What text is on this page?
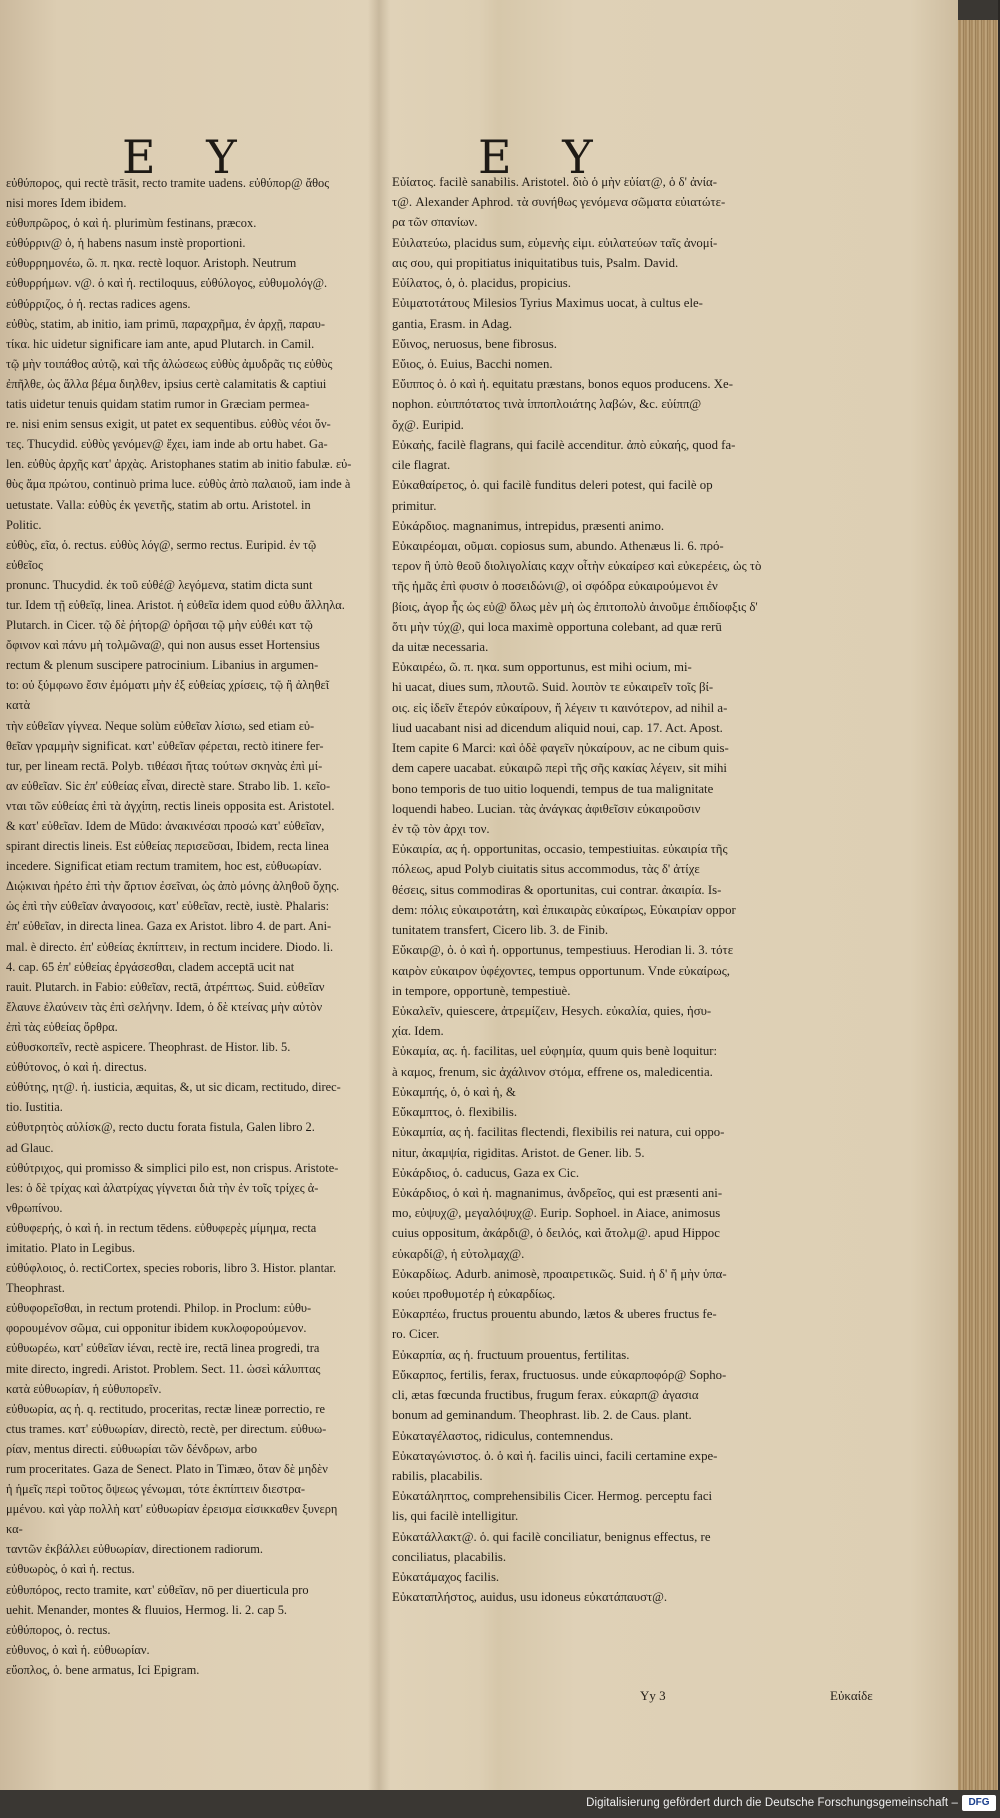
E Y	E Y
εὐθύπορος, qui rectè trāsit, recto tramite uadens. εὐθύπορ@ ἄθος
nisi mores Idem ibidem.
εὐθυπρῶρος, ὁ καὶ ἡ. plurimùm festinans, præcox.
εὐθύρριν@ ὁ, ἡ habens nasum instè proportioni.
εὐθυρρημονέω, ῶ. π. ηκα. rectè loquor. Aristoph. Neutrum
εὐθυρρήμων. ν@. ὁ καὶ ἡ. rectiloquus, εὐθύλογος, εὐθυμολόγ@.
εὐθύρριζος, ὁ ἡ. rectas radices agens.
εὐθὺς, statim, ab initio, iam primū, παραχρῆμα, ἐν ἀρχῇ, παραυ-
τίκα. hic uidetur significare iam ante, apud Plutarch. in Camil.
τῷ μὴν τοιπάθος αὐτῷ, καὶ τῆς ἁλώσεως εὐθὺς ἀμυδρᾶς τις εὐθὺς
ἐπῆλθε, ὡς ἄλλα βέμα διηλθεν, ipsius certè calamitatis & captiui
tatis uidetur tenuis quidam statim rumor in Græciam permea-
re. nisi enim sensus exigit, ut patet ex sequentibus. εὐθὺς νέοι ὄν-
τες. Thucydid. εὐθὺς γενόμεν@ ἔχει, iam inde ab ortu habet. Ga-
len. εὐθὺς ἀρχῆς κατ' ἀρχὰς. Aristophanes statim ab initio fabulæ. εὐ-
θὺς ἅμα πρώτου, continuò prima luce. εὐθὺς ἀπὸ παλαιοῦ, iam inde à
uetustate. Valla: εὐθὺς ἐκ γενετῆς, statim ab ortu. Aristotel. in
Politic.
εὐθὺς, εῖα, ὁ. rectus. εὐθὺς λόγ@, sermo rectus. Euripid. ἐν τῷ εὐθεῖος
pronunc. Thucydid. ἐκ τοῦ εὐθέ@ λεγόμενα, statim dicta sunt
tur. Idem τῇ εὐθεῖᾳ, linea. Aristot. ἡ εὐθεῖα idem quod εὐθυ ἄλληλα.
Plutarch. in Cicer. τῷ δὲ ῥήτορ@ ὀρῆσαι τῷ μὴν εὐθέι κατ τῷ
ὄφινον καὶ πάνυ μὴ τολμῶνα@, qui non ausus esset Hortensius
rectum & plenum suscipere patrocinium. Libanius in argumen-
to: οὐ ξύμφωνο ἔσιν ἐμόματι μὴν ἐξ εὐθείας χρίσεις, τῷ ἢ ἀληθεῖ κατὰ
τὴν εὐθεῖαν γίγνεα. Neque solùm εὐθεῖαν λίσιω, sed etiam εὐ-
θεῖαν γραμμὴν significat. κατ' εὐθεῖαν φέρεται, rectò itinere fer-
tur, per lineam rectā. Polyb. τιθέασι ἤτας τούτων σκηνὰς ἐπὶ μί-
αν εὐθεῖαν. Sic ἐπ' εὐθείας εἶναι, directè stare. Strabo lib. 1. κεῖο-
νται τῶν εὐθείας ἐπὶ τὰ ἀγχίπη, rectis lineis opposita est. Aristotel.
& κατ' εὐθεῖαν. Idem de Mūdo: ἀνακινέσαι προσώ κατ' εὐθεῖαν,
spirant directis lineis. Est εὐθείας περισεῦσαι, Ibidem, recta linea
incedere. Significat etiam rectum tramitem, hoc est, εὐθυωρίαν.
Διῴκιναι ἠρέτο ἐπὶ τὴν ἄρτιον ἐσεῖναι, ὡς ἀπὸ μόνης ἀληθοῦ ὄχης.
ὡς ἐπὶ τὴν εὐθεῖαν ἀναγοσοις, κατ' εὐθεῖαν, rectè, iustè. Phalaris:
ἐπ' εὐθεῖαν, in directa linea. Gaza ex Aristot. libro 4. de part. Ani-
mal. è directo. ἐπ' εὐθείας ἐκπίπτειν, in rectum incidere. Diodo. li.
4. cap. 65 ἐπ' εὐθείας ἐργάσεσθαι, cladem acceptā ucit nat
rauit. Plutarch. in Fabio: εὐθεῖαν, rectā, ἀτρέπτως. Suid. εὐθεῖαν
ἔλαυνε ἐλαύνειν τὰς ἐπὶ σελήνην. Idem, ὁ δὲ κτείνας μὴν αὐτὸν
ἐπὶ τὰς εὐθείας ὄρθρα.
εὐθυσκοπεῖν, rectè aspicere. Theophrast. de Histor. lib. 5.
εὐθύτονος, ὁ καὶ ἡ. directus.
εὐθύτης, ητ@. ἡ. iusticia, æquitas, &, ut sic dicam, rectitudo, direc-
tio. Iustitia.
εὐθυτρητὸς αὐλίσκ@, recto ductu forata fistula, Galen libro 2.
ad Glauc.
εὐθύτριχος, qui promisso & simplici pilo est, non crispus. Aristote-
les: ὁ δὲ τρίχας καὶ ἀλατρίχας γίγνεται διὰ τὴν ἐν τοῖς τρίχες ἀ-
νθρωπίνου.
εὐθυφερής, ὁ καὶ ἡ. in rectum tēdens. εὐθυφερὲς μίμημα, recta
imitatio. Plato in Legibus.
εὐθύφλοιος, ὁ. rectiCortex, species roboris, libro 3. Histor. plantar.
Theophrast.
εὐθυφορεῖσθαι, in rectum protendi. Philop. in Proclum: εὐθυ-
φορουμένον σῶμα, cui opponitur ibidem κυκλοφορούμενον.
εὐθυωρέω, κατ' εὐθεῖαν ἰέναι, rectè ire, rectā linea progredi, tra
mite directo, ingredi. Aristot. Problem. Sect. 11. ὡσεὶ κάλυπτας
κατὰ εὐθυωρίαν, ἡ εὐθυπορεῖν.
εὐθυωρία, ας ἡ. q. rectitudo, proceritas, rectæ lineæ porrectio, re
ctus trames. κατ' εὐθυωρίαν, directò, rectè, per directum. εὐθυω-
ρίαν, mentus directi. εὐθυωρίαι τῶν δένδρων, arbo
rum proceritates. Gaza de Senect. Plato in Timæo, ὅταν δὲ μηδὲν
ἡ ἡμεῖς περὶ τοῦτος ὄψεως γένωμαι, τότε ἐκπίπτειν διεστρα-
μμένου. καὶ γὰρ πολλὴ κατ' εὐθυωρίαν ἐρεισμα εἰσικκαθεν ξυνερη κα-
ταντῶν ἐκβάλλει εὐθυωρίαν, directionem radiorum.
εὐθυωρὸς, ὁ καὶ ἡ. rectus.
εὐθυπόρος, recto tramite, κατ' εὐθεῖαν, nō per diuerticula pro
uehit. Menander, montes & fluuios, Hermog. li. 2. cap 5.
εὐθύπορος, ὁ. rectus.
εὐθυνος, ὁ καὶ ἡ. εὐθυωρίαν.
εὔοπλος, ὁ. bene armatus, Ici Epigram.
Εὐίατος. facilè sanabilis. Aristotel. διὸ ὁ μὴν εὐίατ@, ὁ δ' ἀνία-
τ@. Alexander Aphrod. τὰ συνήθως γενόμενα σῶματα εὐιατώτε-
ρα τῶν σπανίων.
Εὐιλατεύω, placidus sum, εὐμενὴς εἰμι. εὐιλατεύων ταῖς ἀνομί-
αις σου, qui propitiatus iniquitatibus tuis, Psalm. David.
Εὐίλατος, ὁ, ὁ. placidus, propicius.
Εὐιματοτάτους Milesios Tyrius Maximus uocat, à cultus ele-
gantia, Erasm. in Adag.
Εὔινος, neruosus, bene fibrosus.
Εὔιος, ὁ. Euius, Bacchi nomen.
Εὔιππος ὁ. ὁ καὶ ἡ. equitatu præstans, bonos equos producens. Xe-
nophon. εὐιππότατος τινὰ ἱπποπλοιάτης λαβών, &c. εὐίππ@
ὄχ@. Euripid.
Εὐκαὴς, facilè flagrans, qui facilè accenditur. ἀπὸ εὐκαής, quod fa-
cile flagrat.
Εὐκαθαίρετος, ὁ. qui facilè funditus deleri potest, qui facilè op
primitur.
Εὐκάρδιος. magnanimus, intrepidus, præsenti animo.
Εὐκαιρέομαι, οῦμαι. copiosus sum, abundo. Athenæus li. 6. πρό-
τερον ἢ ὑπὸ θεοῦ διολιγολίαις καχν οἷτὴν εὐκαίρεσ καὶ εὐκερέεις, ὡς τὸ
τῆς ἡμᾶς ἐπὶ φυσιν ὁ ποσειδώνι@, οἱ σφόδρα εὐκαιρούμενοι ἐν
βίοις, ἀγορ ἦς ὡς εὐ@ ὅλως μὲν μὴ ὡς ἐπιτοπολὺ ἀινοῦμε ἐπιδίοφξις δ'
ὅτι μὴν τύχ@, qui loca maximè opportuna colebant, ad quæ rerū
da uitæ necessaria.
Εὐκαιρέω, ῶ. π. ηκα. sum opportunus, est mihi ocium, mi-
hi uacat, diues sum, πλουτῶ. Suid. λοιπὸν τε εὐκαιρεῖν τοῖς βί-
οις. εἰς ἰδεῖν ἕτερόν εὐκαίρουν, ἤ λέγειν τι καινότερον, ad nihil a-
liud uacabant nisi ad dicendum aliquid noui, cap. 17. Act. Apost.
Item capite 6 Marci: καὶ ὁδὲ φαγεῖν ηὐκαίρουν, ac ne cibum quis-
dem capere uacabat. εὐκαιρῶ περὶ τῆς σῆς κακίας λέγειν, sit mihi
bono temporis de tuo uitio loquendi, tempus de tua malignitate
loquendi habeo. Lucian. τὰς ἀνάγκας ἀφιθεῖσιν εὐκαιροῦσιν
ἐν τῷ τὸν ἀρχι τον.
Εὐκαιρία, ας ἡ. opportunitas, occasio, tempestiuitas. εὐκαιρία τῆς
πόλεως, apud Polyb ciuitatis situs accommodus, τὰς δ' ἀτίχε
θέσεις, situs commodiras & oportunitas, cui contrar. ἀκαιρία. Is-
dem: πόλις εὐκαιροτάτη, καὶ ἐπικαιρὰς εὐκαίρως, Εὐκαιρίαν oppor
tunitatem transfert, Cicero lib. 3. de Finib.
Εὔκαιρ@, ὁ. ὁ καὶ ἡ. opportunus, tempestiuus. Herodian li. 3. τότε
καιρὸν εὐκαιρον ὑφέχοντες, tempus opportunum. Vnde εὐκαίρως,
in tempore, opportunè, tempestiuè.
Εὐκαλεῖν, quiescere, ἀτρεμίζειν, Hesych. εὐκαλία, quies, ἡσυ-
χία. Idem.
Εὐκαμία, ας. ἡ. facilitas, uel εὐφημία, quum quis benè loquitur:
à καμος, frenum, sic ἀχάλινον στόμα, effrene os, maledicentia.
Εὐκαμπής, ὁ, ὁ καὶ ἡ, &
Εὔκαμπτος, ὁ. flexibilis.
Εὐκαμπία, ας ἡ. facilitas flectendi, flexibilis rei natura, cui oppo-
nitur, ἀκαμψία, rigiditas. Aristot. de Gener. lib. 5.
Εὐκάρδιος, ὁ. caducus, Gaza ex Cic.
Εὐκάρδιος, ὁ καὶ ἡ. magnanimus, ἀνδρεῖος, qui est præsenti ani-
mo, εὐψυχ@, μεγαλόψυχ@. Eurip. Sophoel. in Aiace, animosus
cuius oppositum, ἀκάρδι@, ὁ δειλός, καὶ ἄτολμ@. apud Hippoc
εὐκαρδί@, ἡ εὐτολμαχ@.
Εὐκαρδίως. Adurb. animosè, προαιρετικῶς. Suid. ἡ δ' ἤ μὴν ὑπα-
κούει προθυμοτέρ ἡ εὐκαρδίως.
Εὐκαρπέω, fructus prouentu abundo, lætos & uberes fructus fe-
ro. Cicer.
Εὐκαρπία, ας ἡ. fructuum prouentus, fertilitas.
Εὔκαρπος, fertilis, ferax, fructuosus. unde εὐκαρποφόρ@ Sopho-
cli, ætas fœcunda fructibus, frugum ferax. εὐκαρπ@ ἀγασια
bonum ad geminandum. Theophrast. lib. 2. de Caus. plant.
Εὐκαταγέλαστος, ridiculus, contemnendus.
Εὐκαταγώνιστος. ὁ. ὁ καὶ ἡ. facilis uinci, facili certamine expe-
rabilis, placabilis.
Εὐκατάληπτος, comprehensibilis Cicer. Hermog. perceptu faci
lis, qui facilè intelligitur.
Εὐκατάλλακτ@. ὁ. qui facilè conciliatur, benignus effectus, re
conciliatus, placabilis.
Εὐκατάμαχος facilis.
Εὐκαταπλήστος, auidus, usu idoneus εὐκατάπαυστ@.
Yy 3	Εὐκαίδε
Digitalisierung gefördert durch die Deutsche Forschungsgemeinschaft –	DFG
